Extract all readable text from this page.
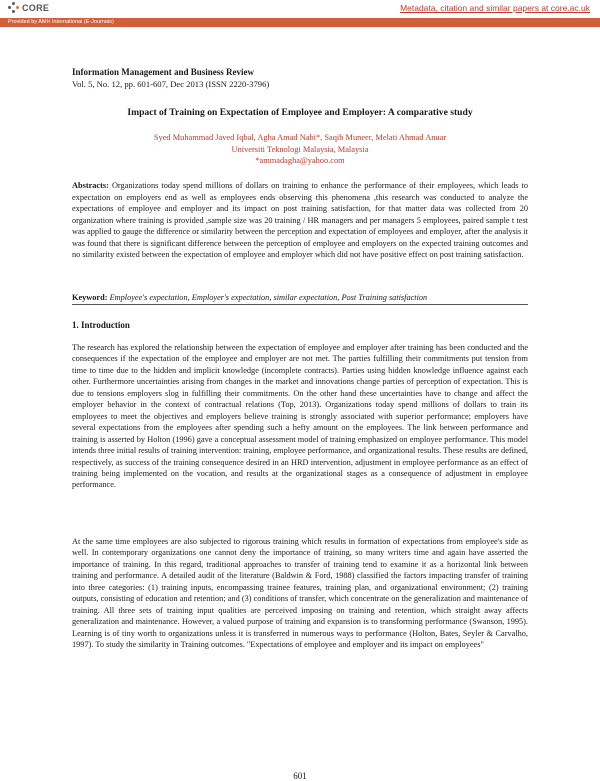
CORE	Metadata, citation and similar papers at core.ac.uk
Provided by AMH International (E-Journals)
Information Management and Business Review
Vol. 5, No. 12, pp. 601-607, Dec 2013 (ISSN 2220-3796)
Impact of Training on Expectation of Employee and Employer: A comparative study
Syed Muhammad Javed Iqbal, Agha Amad Nabi*, Saqib Muneer, Melati Ahmad Anuar
Universiti Teknologi Malaysia, Malaysia
*ammadagha@yahoo.com
Abstracts: Organizations today spend millions of dollars on training to enhance the performance of their employees, which leads to expectation on employers end as well as employees ends observing this phenomena ,this research was conducted to analyze the expectations of employee and employer and its impact on post training satisfaction, for that matter data was collected from 20 organization where training is provided ,sample size was 20 training / HR managers and per managers 5 employees, paired sample t test was applied to gauge the difference or similarity between the perception and expectation of employees and employer, after the analysis it was found that there is significant difference between the perception of employee and employers on the expected training outcomes and no similarity existed between the expectation of employee and employer which did not have positive effect on post training satisfaction.
Keyword: Employee's expectation, Employer's expectation, similar expectation, Post Training satisfaction
1. Introduction
The research has explored the relationship between the expectation of employee and employer after training has been conducted and the consequences if the expectation of the employee and employer are not met. The parties fulfilling their commitments put tension from time to time due to the hidden and implicit knowledge (incomplete contracts). Parties using hidden knowledge influence against each other. Furthermore uncertainties arising from changes in the market and innovations change parties of perception of expectation. This is due to tensions employers slog in fulfilling their commitments. On the other hand these uncertainties have to change and affect the employer behavior in the context of contractual relations (Top, 2013). Organizations today spend millions of dollars to train its employees to meet the objectives and employers believe training is strongly associated with superior performance; employers have several expectations from the employees after spending such a hefty amount on the employees. The link between performance and training is asserted by Holton (1996) gave a conceptual assessment model of training emphasized on employee performance. This model intends three initial results of training intervention: training, employee performance, and organizational results. These results are defined, respectively, as success of the training consequence desired in an HRD intervention, adjustment in employee performance as an effect of training being implemented on the vocation, and results at the organizational stages as a consequence of adjustment in employee performance.
At the same time employees are also subjected to rigorous training which results in formation of expectations from employee's side as well. In contemporary organizations one cannot deny the importance of training, so many writers time and again have asserted the importance of training. In this regard, traditional approaches to transfer of training tend to examine it as a horizontal link between training and performance. A detailed audit of the literature (Baldwin & Ford, 1988) classified the factors impacting transfer of training into three categories: (1) training inputs, encompassing trainee features, training plan, and organizational environment; (2) training outputs, consisting of education and retention; and (3) conditions of transfer, which concentrate on the generalization and maintenance of training. All three sets of training input qualities are perceived imposing on training and retention, which straight away affects generalization and maintenance. However, a valued purpose of training and expansion is to transforming performance (Swanson, 1995). Learning is of tiny worth to organizations unless it is transferred in numerous ways to performance (Holton, Bates, Seyler & Carvalho, 1997). To study the similarity in Training outcomes. "Expectations of employee and employer and its impact on employees"
601
